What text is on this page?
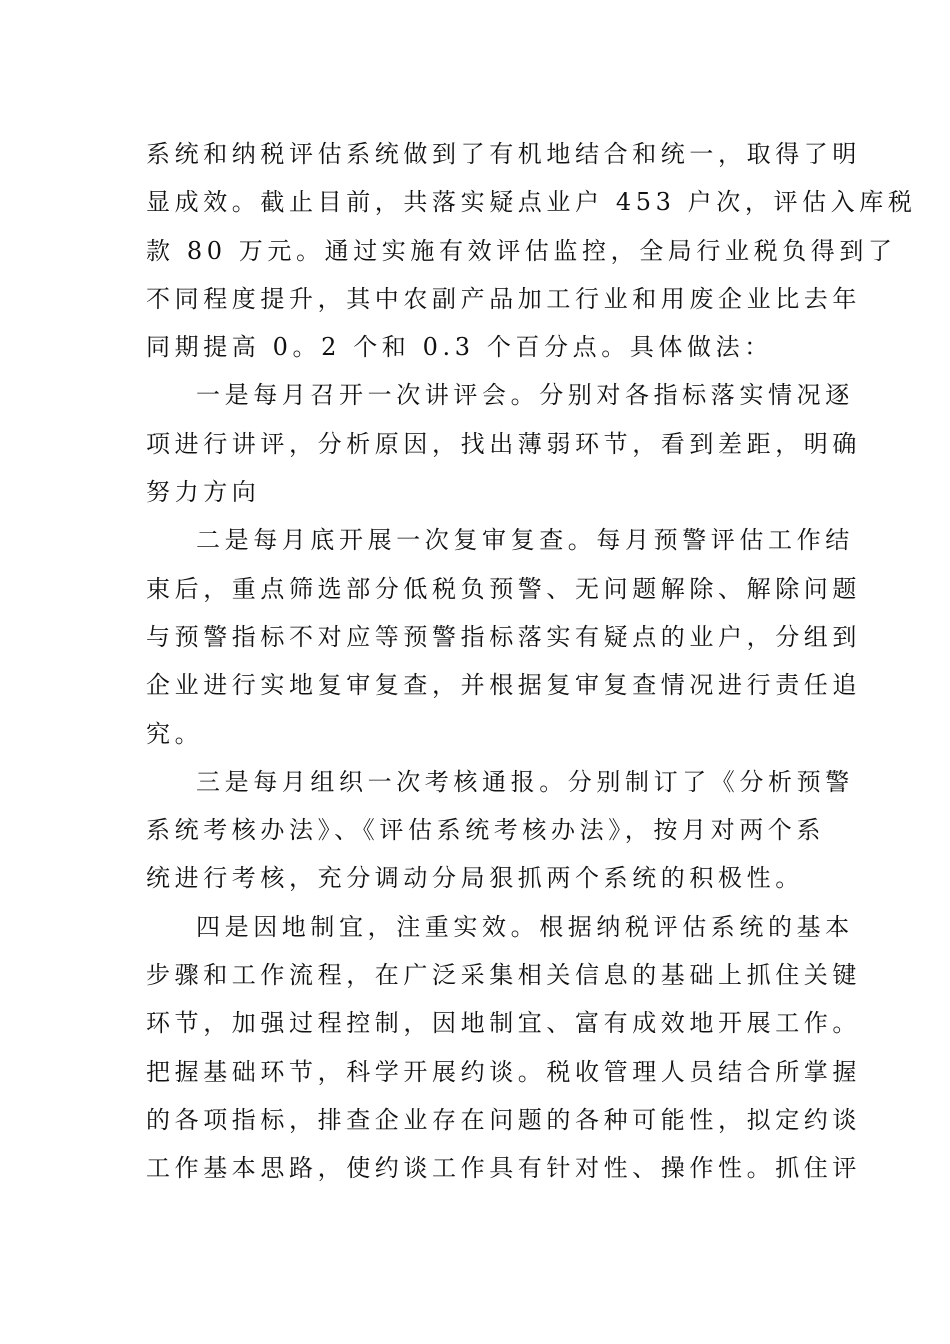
系统和纳税评估系统做到了有机地结合和统一，取得了明
显成效。截止目前，共落实疑点业户 453 户次，评估入库税
款 80 万元。通过实施有效评估监控，全局行业税负得到了
不同程度提升，其中农副产品加工行业和用废企业比去年
同期提高 0。2 个和 0.3 个百分点。具体做法：
一是每月召开一次讲评会。分别对各指标落实情况逐
项进行讲评，分析原因，找出薄弱环节，看到差距，明确
努力方向
二是每月底开展一次复审复查。每月预警评估工作结
束后，重点筛选部分低税负预警、无问题解除、解除问题
与预警指标不对应等预警指标落实有疑点的业户，分组到
企业进行实地复审复查，并根据复审复查情况进行责任追
究。
三是每月组织一次考核通报。分别制订了《分析预警
系统考核办法》、《评估系统考核办法》，按月对两个系
统进行考核，充分调动分局狠抓两个系统的积极性。
四是因地制宜，注重实效。根据纳税评估系统的基本
步骤和工作流程，在广泛采集相关信息的基础上抓住关键
环节，加强过程控制，因地制宜、富有成效地开展工作。
把握基础环节，科学开展约谈。税收管理人员结合所掌握
的各项指标，排查企业存在问题的各种可能性，拟定约谈
工作基本思路，使约谈工作具有针对性、操作性。抓住评
